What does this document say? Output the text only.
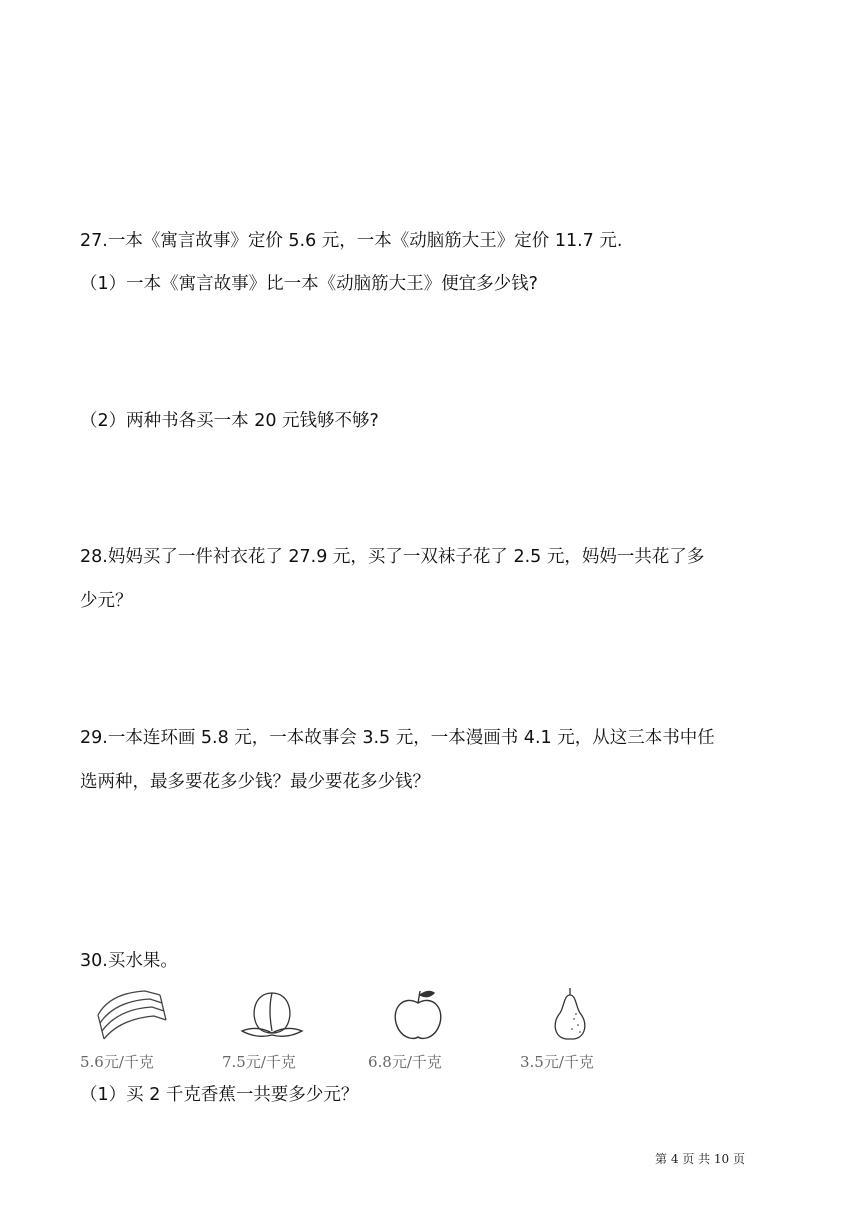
27.一本《寓言故事》定价 5.6 元，一本《动脑筋大王》定价 11.7 元.
（1）一本《寓言故事》比一本《动脑筋大王》便宜多少钱?
（2）两种书各买一本 20 元钱够不够?
28.妈妈买了一件衬衣花了 27.9 元，买了一双袜子花了 2.5 元，妈妈一共花了多
少元？
29.一本连环画 5.8 元，一本故事会 3.5 元，一本漫画书 4.1 元，从这三本书中任
选两种，最多要花多少钱？最少要花多少钱？
30.买水果。
5.6元/千克	7.5元/千克	6.8元/千克	3.5元/千克
（1）买 2 千克香蕉一共要多少元？
第 4 页 共 10 页
